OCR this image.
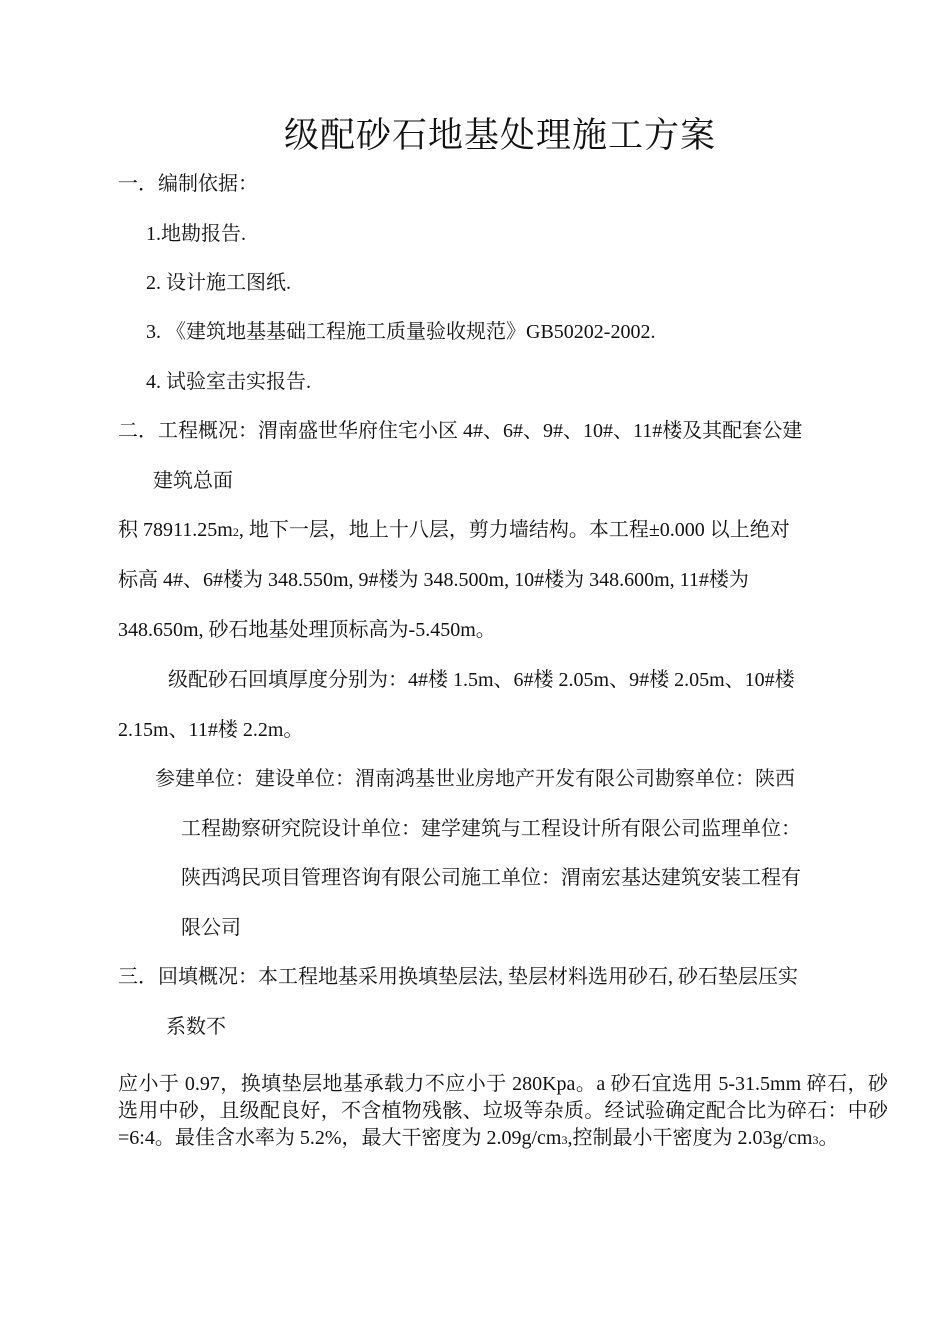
级配砂石地基处理施工方案
一．编制依据：
1.地勘报告.
2. 设计施工图纸.
3. 《建筑地基基础工程施工质量验收规范》GB50202-2002.
4. 试验室击实报告.
二．工程概况：渭南盛世华府住宅小区 4#、6#、9#、10#、11#楼及其配套公建
建筑总面
积 78911.25m2, 地下一层，地上十八层，剪力墙结构。本工程±0.000 以上绝对
标高 4#、6#楼为 348.550m, 9#楼为 348.500m, 10#楼为 348.600m, 11#楼为
348.650m, 砂石地基处理顶标高为-5.450m。
级配砂石回填厚度分别为：4#楼 1.5m、6#楼 2.05m、9#楼 2.05m、10#楼
2.15m、11#楼 2.2m。
参建单位：建设单位：渭南鸿基世业房地产开发有限公司勘察单位：陕西
工程勘察研究院设计单位：建学建筑与工程设计所有限公司监理单位：
陕西鸿民项目管理咨询有限公司施工单位：渭南宏基达建筑安装工程有
限公司
三．回填概况：本工程地基采用换填垫层法, 垫层材料选用砂石, 砂石垫层压实
系数不
应小于 0.97，换填垫层地基承载力不应小于 280Kpa。a 砂石宜选用 5-31.5mm 碎石，砂选用中砂，且级配良好，不含植物残骸、垃圾等杂质。经试验确定配合比为碎石：中砂=6:4。最佳含水率为 5.2%，最大干密度为 2.09g/cm3,控制最小干密度为 2.03g/cm3。
